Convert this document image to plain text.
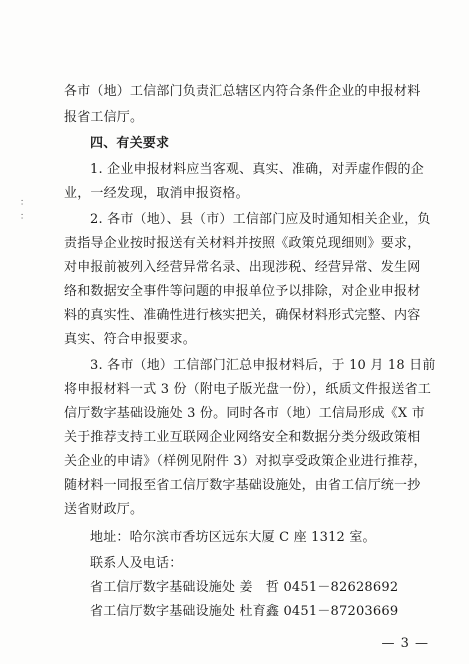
各市（地）工信部门负责汇总辖区内符合条件企业的申报材料
报省工信厅。
四、有关要求
1. 企业申报材料应当客观、真实、准确，对弄虚作假的企
业，一经发现，取消申报资格。
：
：	2. 各市（地）、县（市）工信部门应及时通知相关企业，负
责指导企业按时报送有关材料并按照《政策兑现细则》要求，
对申报前被列入经营异常名录、出现涉税、经营异常、发生网
络和数据安全事件等问题的申报单位予以排除，对企业申报材
料的真实性、准确性进行核实把关，确保材料形式完整、内容
真实、符合申报要求。
3. 各市（地）工信部门汇总申报材料后，于 10 月 18 日前
将申报材料一式 3 份（附电子版光盘一份），纸质文件报送省工
信厅数字基础设施处 3 份。同时各市（地）工信局形成《X 市
关于推荐支持工业互联网企业网络安全和数据分类分级政策相
关企业的申请》（样例见附件 3）对拟享受政策企业进行推荐，
随材料一同报至省工信厅数字基础设施处，由省工信厅统一抄
送省财政厅。
— 3 —
地址：哈尔滨市香坊区远东大厦 C 座 1312 室。
联系人及电话：
省工信厅数字基础设施处 姜　哲 0451－82628692
省工信厅数字基础设施处 杜育鑫 0451－87203669
